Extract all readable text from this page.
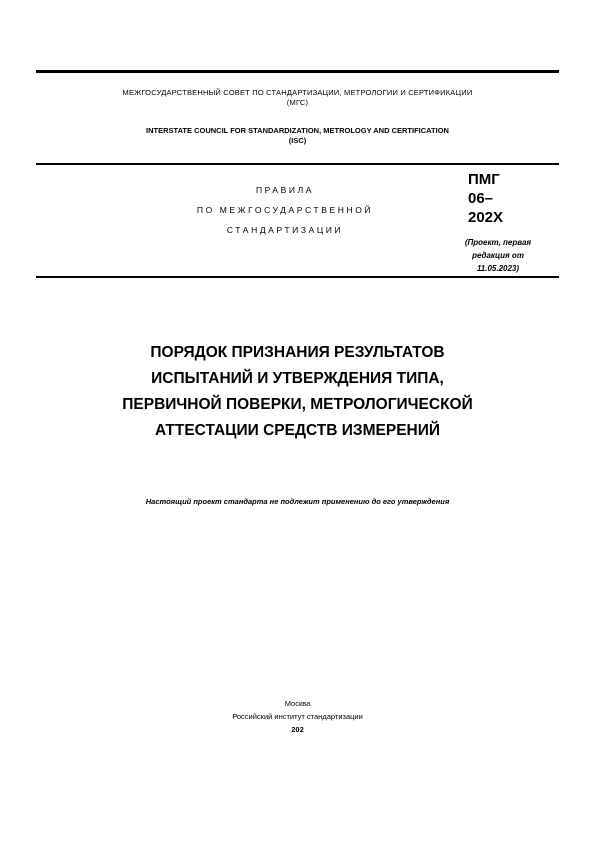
МЕЖГОСУДАРСТВЕННЫЙ СОВЕТ ПО СТАНДАРТИЗАЦИИ, МЕТРОЛОГИИ И СЕРТИФИКАЦИИ
(МГС)
INTERSTATE COUNCIL FOR STANDARDIZATION, METROLOGY AND CERTIFICATION
(ISC)
ПРАВИЛА
ПО МЕЖГОСУДАРСТВЕННОЙ
СТАНДАРТИЗАЦИИ
ПМГ
06–
202X
(Проект, первая
редакция от
11.05.2023)
ПОРЯДОК ПРИЗНАНИЯ РЕЗУЛЬТАТОВ
ИСПЫТАНИЙ И УТВЕРЖДЕНИЯ ТИПА,
ПЕРВИЧНОЙ ПОВЕРКИ, МЕТРОЛОГИЧЕСКОЙ
АТТЕСТАЦИИ СРЕДСТВ ИЗМЕРЕНИЙ
Настоящий проект стандарта не подлежит применению до его утверждения
Москва
Российский институт стандартизации
202
